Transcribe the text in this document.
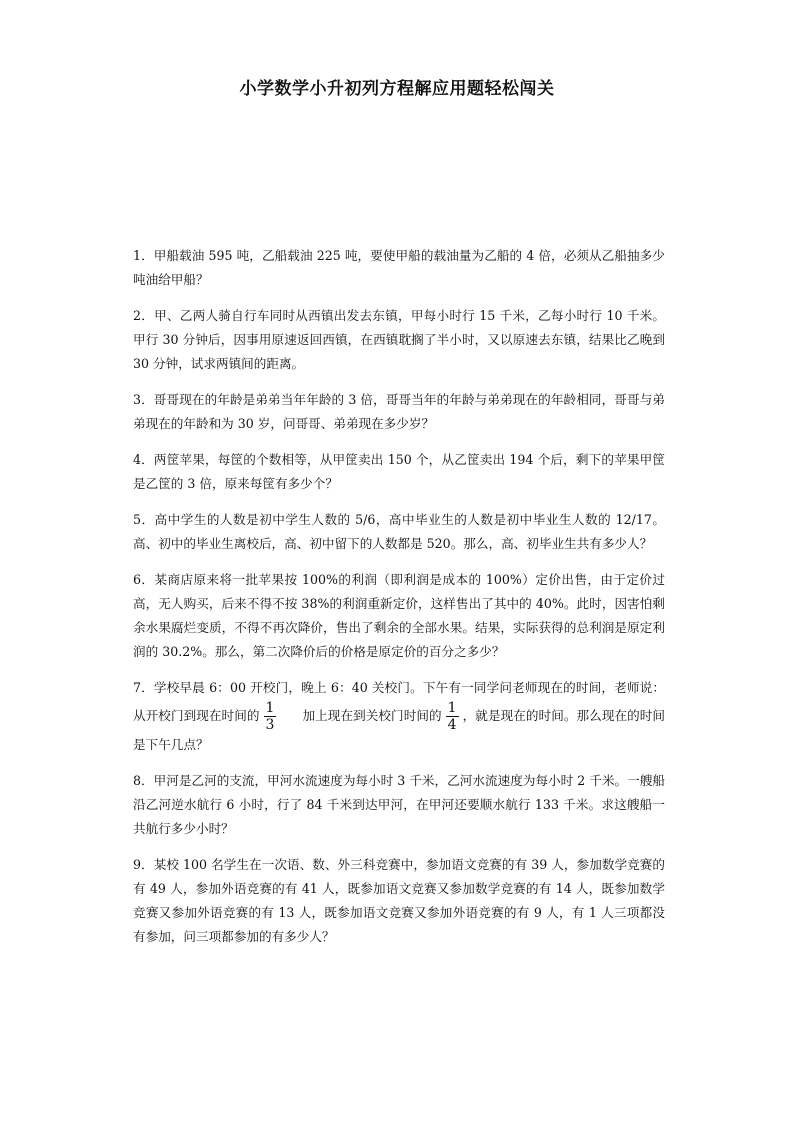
小学数学小升初列方程解应用题轻松闯关

1．甲船载油 595 吨，乙船载油 225 吨，要使甲船的载油量为乙船的 4 倍，必须从乙船抽多少吨油给甲船？

2．甲、乙两人骑自行车同时从西镇出发去东镇，甲每小时行 15 千米，乙每小时行 10 千米。甲行 30 分钟后，因事用原速返回西镇，在西镇耽搁了半小时，又以原速去东镇，结果比乙晚到 30 分钟，试求两镇间的距离。

3．哥哥现在的年龄是弟弟当年年龄的 3 倍，哥哥当年的年龄与弟弟现在的年龄相同，哥哥与弟弟现在的年龄和为 30 岁，问哥哥、弟弟现在多少岁？

4．两筐苹果，每筐的个数相等，从甲筐卖出 150 个，从乙筐卖出 194 个后，剩下的苹果甲筐是乙筐的 3 倍，原来每筐有多少个？

5．高中学生的人数是初中学生人数的 5/6，高中毕业生的人数是初中毕业生人数的 12/17。高、初中的毕业生离校后，高、初中留下的人数都是 520。那么，高、初毕业生共有多少人？

6．某商店原来将一批苹果按 100%的利润（即利润是成本的 100%）定价出售，由于定价过高，无人购买，后来不得不按 38%的利润重新定价，这样售出了其中的 40%。此时，因害怕剩余水果腐烂变质，不得不再次降价，售出了剩余的全部水果。结果，实际获得的总利润是原定利润的 30.2%。那么，第二次降价后的价格是原定价的百分之多少？

7．学校早晨 6：00 开校门，晚上 6：40 关校门。下午有一同学问老师现在的时间，老师说：从开校门到现在时间的 $\frac{1}{3}$ 加上现在到关校门时间的 $\frac{1}{4}$ ，就是现在的时间。那么现在的时间是下午几点？

8．甲河是乙河的支流，甲河水流速度为每小时 3 千米，乙河水流速度为每小时 2 千米。一艘船沿乙河逆水航行 6 小时，行了 84 千米到达甲河，在甲河还要顺水航行 133 千米。求这艘船一共航行多少小时？

9．某校 100 名学生在一次语、数、外三科竞赛中，参加语文竞赛的有 39 人，参加数学竞赛的有 49 人，参加外语竞赛的有 41 人，既参加语文竞赛又参加数学竞赛的有 14 人，既参加数学竞赛又参加外语竞赛的有 13 人，既参加语文竞赛又参加外语竞赛的有 9 人，有 1 人三项都没有参加，问三项都参加的有多少人？
